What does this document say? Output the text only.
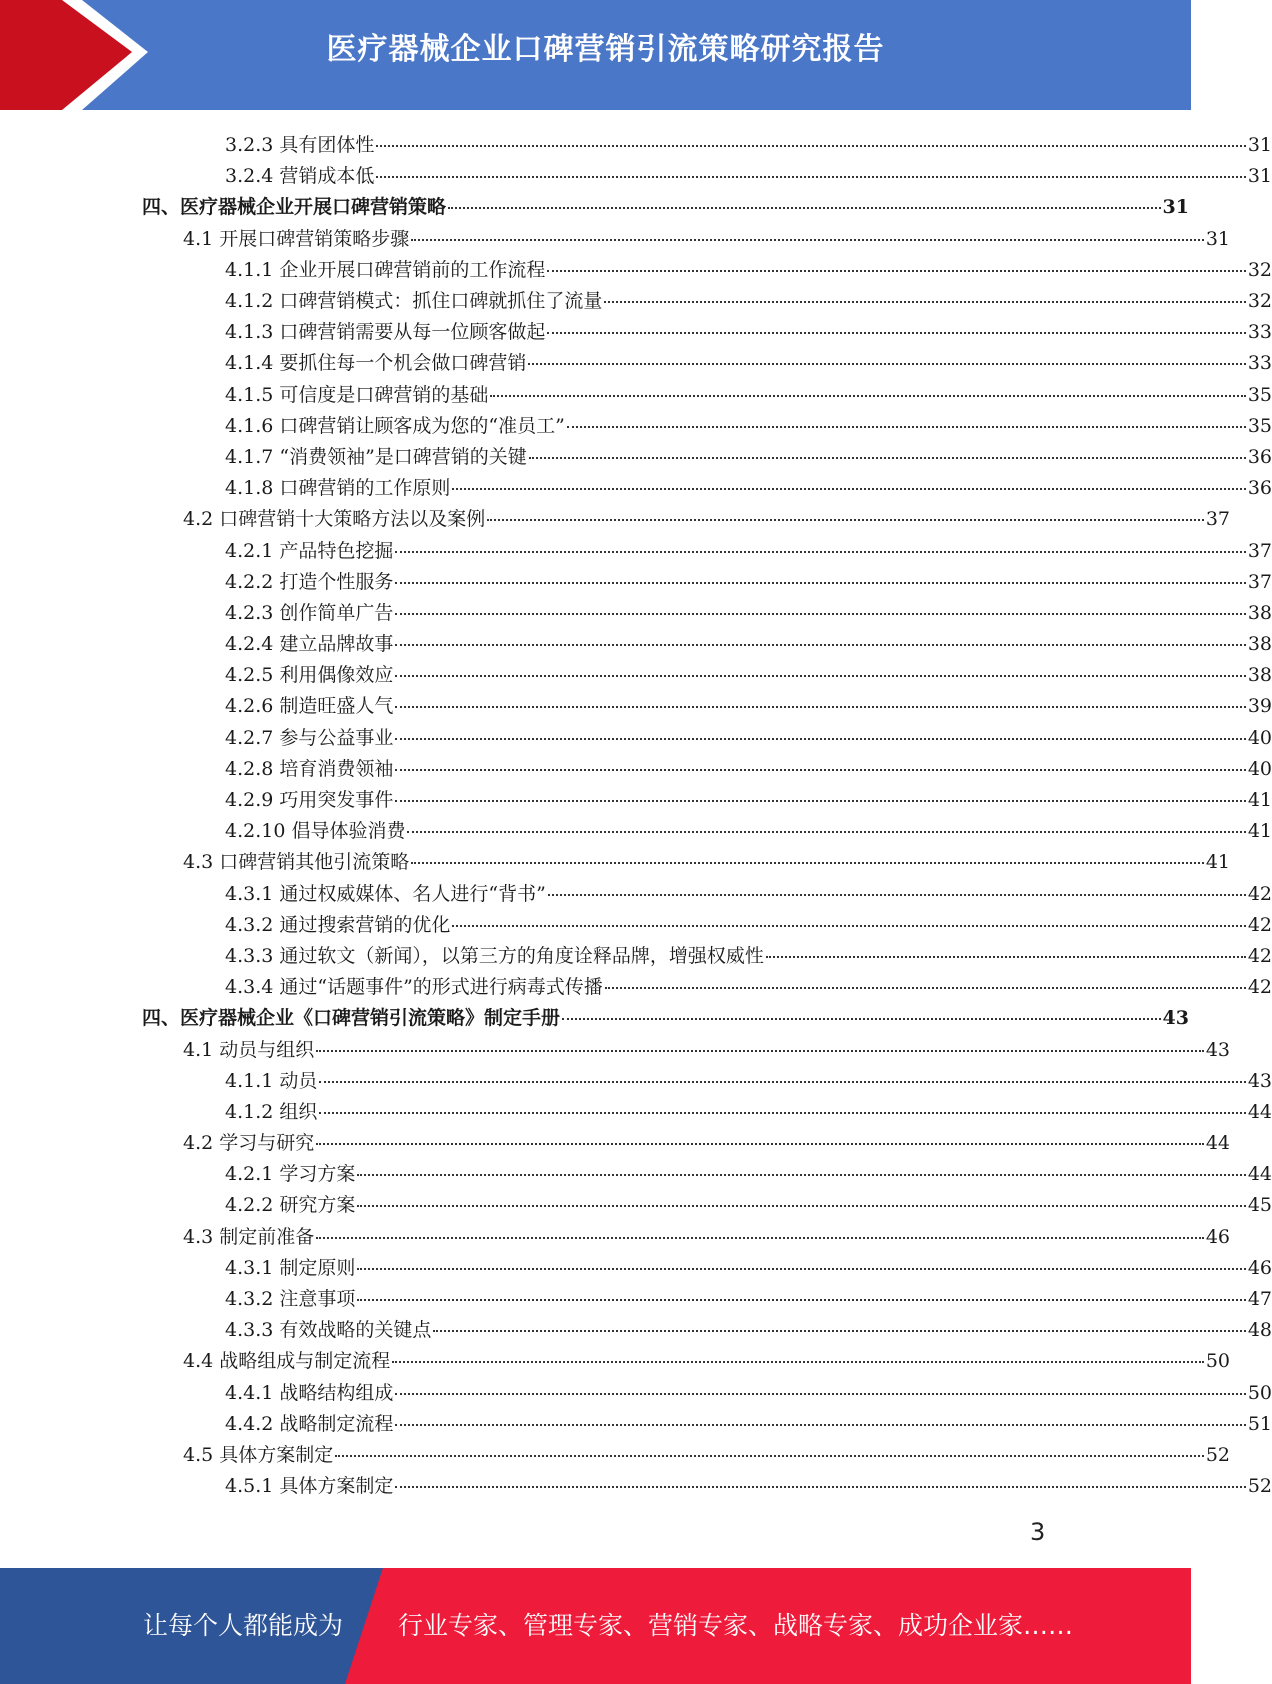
医疗器械企业口碑营销引流策略研究报告
3.2.3 具有团体性	31
3.2.4 营销成本低	31
四、医疗器械企业开展口碑营销策略	31
4.1 开展口碑营销策略步骤	31
4.1.1 企业开展口碑营销前的工作流程	32
4.1.2 口碑营销模式：抓住口碑就抓住了流量	32
4.1.3 口碑营销需要从每一位顾客做起	33
4.1.4 要抓住每一个机会做口碑营销	33
4.1.5 可信度是口碑营销的基础	35
4.1.6 口碑营销让顾客成为您的“准员工”	35
4.1.7 “消费领袖”是口碑营销的关键	36
4.1.8 口碑营销的工作原则	36
4.2 口碑营销十大策略方法以及案例	37
4.2.1 产品特色挖掘	37
4.2.2 打造个性服务	37
4.2.3 创作简单广告	38
4.2.4 建立品牌故事	38
4.2.5 利用偶像效应	38
4.2.6 制造旺盛人气	39
4.2.7 参与公益事业	40
4.2.8 培育消费领袖	40
4.2.9 巧用突发事件	41
4.2.10 倡导体验消费	41
4.3 口碑营销其他引流策略	41
4.3.1 通过权威媒体、名人进行“背书”	42
4.3.2 通过搜索营销的优化	42
4.3.3 通过软文（新闻），以第三方的角度诠释品牌，增强权威性	42
4.3.4 通过“话题事件”的形式进行病毒式传播	42
四、医疗器械企业《口碑营销引流策略》制定手册	43
4.1 动员与组织	43
4.1.1 动员	43
4.1.2 组织	44
4.2 学习与研究	44
4.2.1 学习方案	44
4.2.2 研究方案	45
4.3 制定前准备	46
4.3.1 制定原则	46
4.3.2 注意事项	47
4.3.3 有效战略的关键点	48
4.4 战略组成与制定流程	50
4.4.1 战略结构组成	50
4.4.2 战略制定流程	51
4.5 具体方案制定	52
4.5.1 具体方案制定	52
3
让每个人都能成为 行业专家、管理专家、营销专家、战略专家、成功企业家……
